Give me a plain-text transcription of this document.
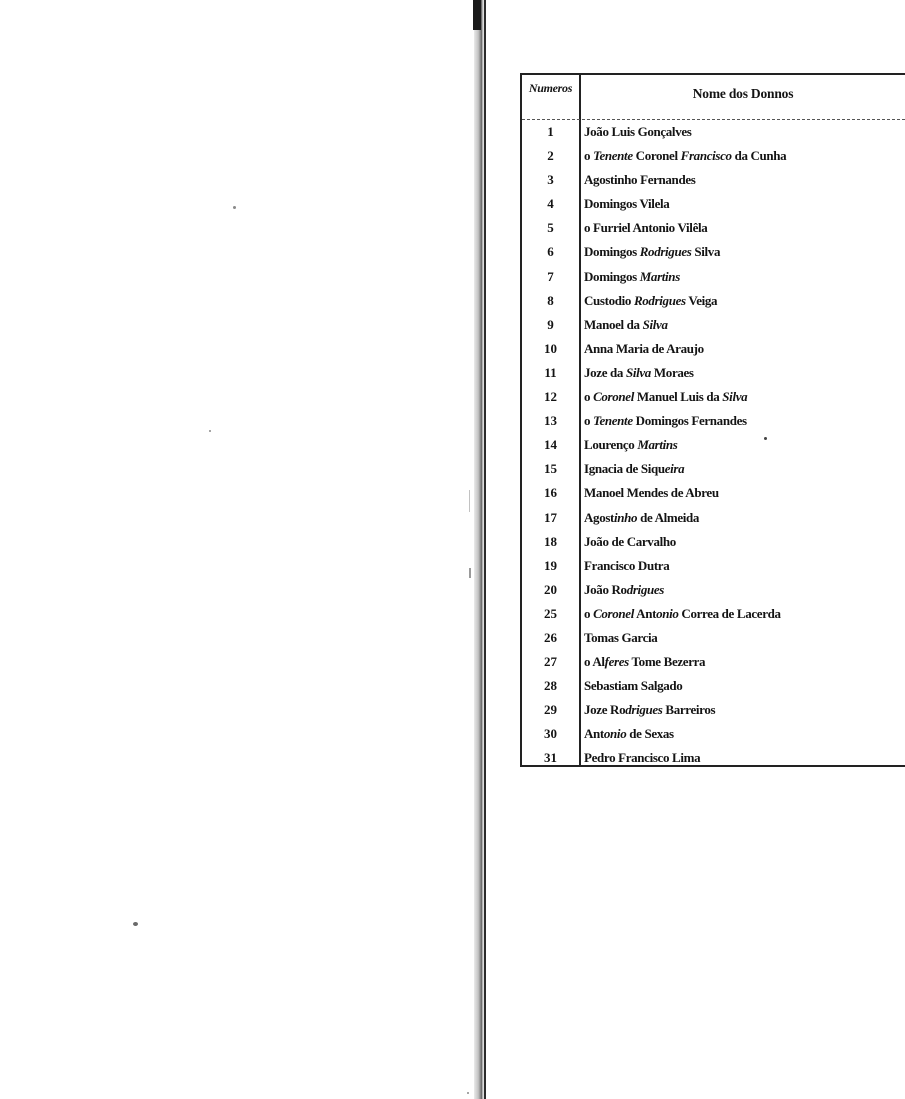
Numeros	Nome dos Donnos
1	João Luis Gonçalves
2	o Tenente Coronel Francisco da Cunha
3	Agostinho Fernandes
4	Domingos Vilela
5	o Furriel Antonio Vilêla
6	Domingos Rodrigues Silva
7	Domingos Martins
8	Custodio Rodrigues Veiga
9	Manoel da Silva
10	Anna Maria de Araujo
11	Joze da Silva Moraes
12	o Coronel Manuel Luis da Silva
13	o Tenente Domingos Fernandes
14	Lourenço Martins
15	Ignacia de Siqueira
16	Manoel Mendes de Abreu
17	Agostinho de Almeida
18	João de Carvalho
19	Francisco Dutra
20	João Rodrigues
25	o Coronel Antonio Correa de Lacerda
26	Tomas Garcia
27	o Alferes Tome Bezerra
28	Sebastiam Salgado
29	Joze Rodrigues Barreiros
30	Antonio de Sexas
31	Pedro Francisco Lima
